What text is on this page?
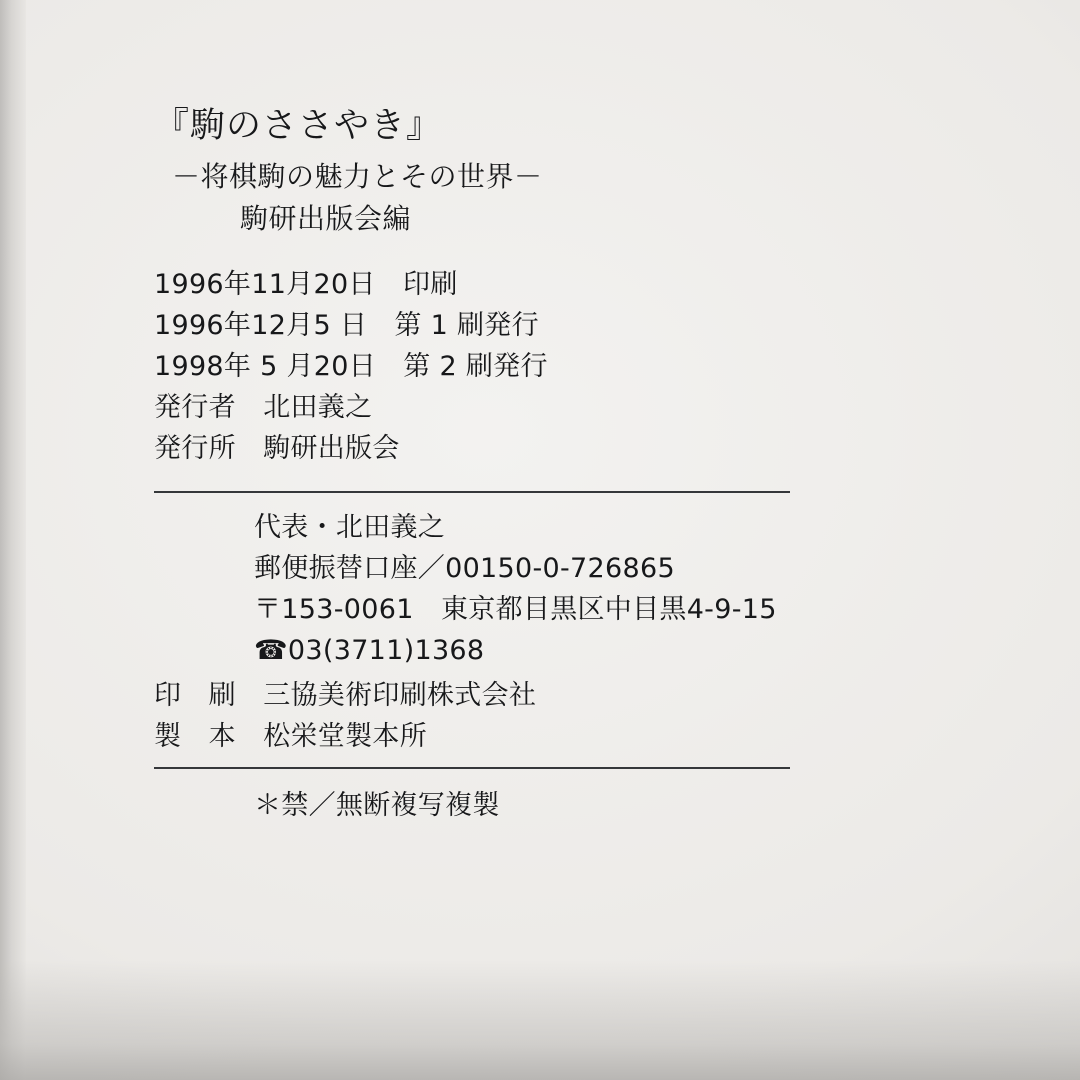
『駒のささやき』
－将棋駒の魅力とその世界－
駒研出版会編
1996年11月20日　印刷
1996年12月5 日　第 1 刷発行
1998年 5 月20日　第 2 刷発行
発行者　北田義之
発行所　駒研出版会
代表・北田義之
郵便振替口座／00150-0-726865
〒153-0061　東京都目黒区中目黒4-9-15
☎03(3711)1368
印　刷　三協美術印刷株式会社
製　本　松栄堂製本所
＊禁／無断複写複製
